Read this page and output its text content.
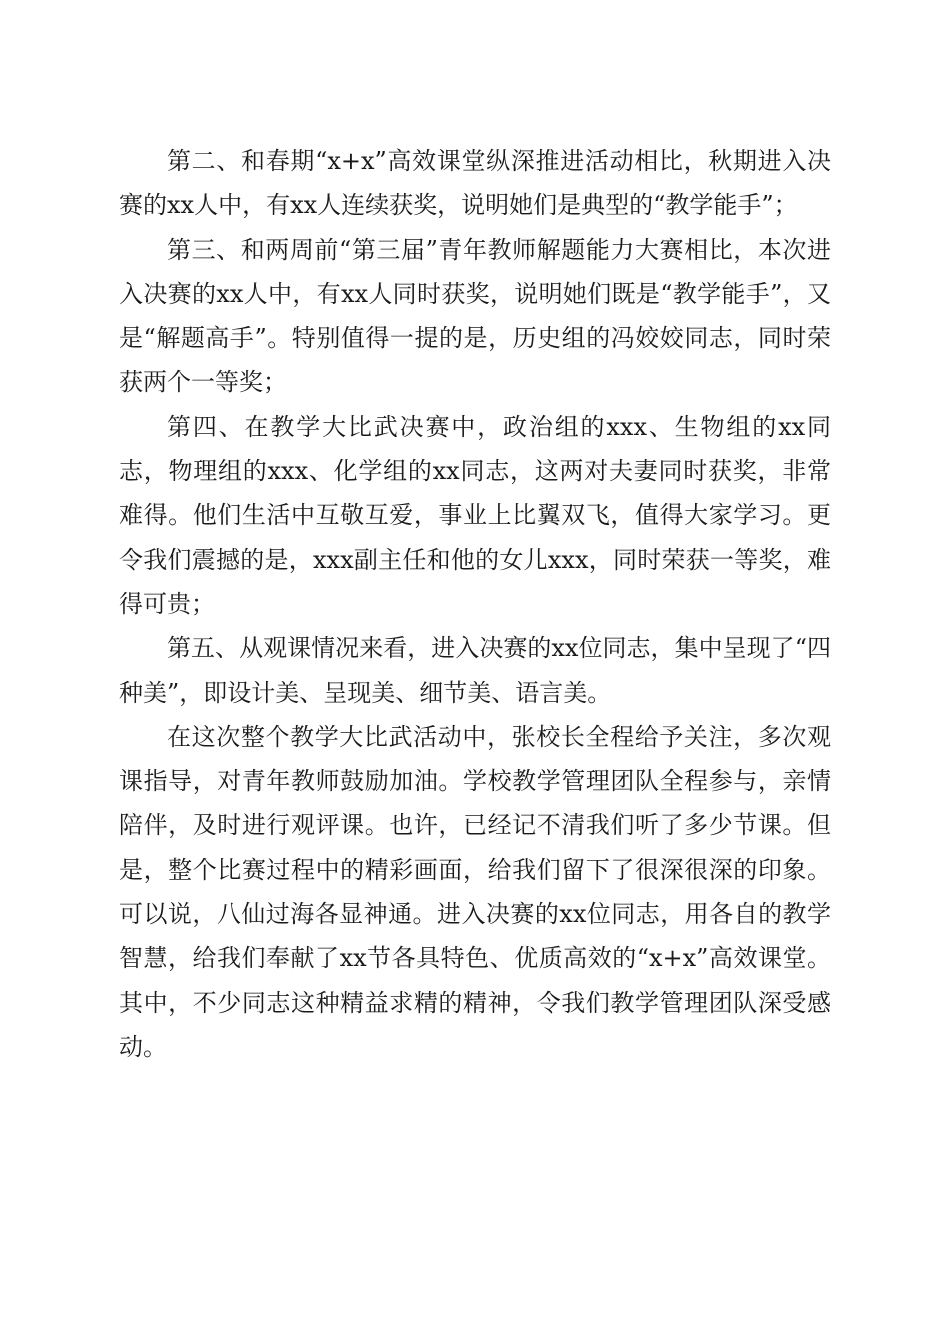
第二、和春期“x+x”高效课堂纵深推进活动相比，秋期进入决赛的xx人中，有xx人连续获奖，说明她们是典型的“教学能手”；

第三、和两周前“第三届”青年教师解题能力大赛相比，本次进入决赛的xx人中，有xx人同时获奖，说明她们既是“教学能手”，又是“解题高手”。特别值得一提的是，历史组的冯姣姣同志，同时荣获两个一等奖；

第四、在教学大比武决赛中，政治组的xxx、生物组的xx同志，物理组的xxx、化学组的xx同志，这两对夫妻同时获奖，非常难得。他们生活中互敬互爱，事业上比翼双飞，值得大家学习。更令我们震撼的是，xxx副主任和他的女儿xxx，同时荣获一等奖，难得可贵；

第五、从观课情况来看，进入决赛的xx位同志，集中呈现了“四种美”，即设计美、呈现美、细节美、语言美。

在这次整个教学大比武活动中，张校长全程给予关注，多次观课指导，对青年教师鼓励加油。学校教学管理团队全程参与，亲情陪伴，及时进行观评课。也许，已经记不清我们听了多少节课。但是，整个比赛过程中的精彩画面，给我们留下了很深很深的印象。可以说，八仙过海各显神通。进入决赛的xx位同志，用各自的教学智慧，给我们奉献了xx节各具特色、优质高效的“x+x”高效课堂。其中，不少同志这种精益求精的精神，令我们教学管理团队深受感动。
